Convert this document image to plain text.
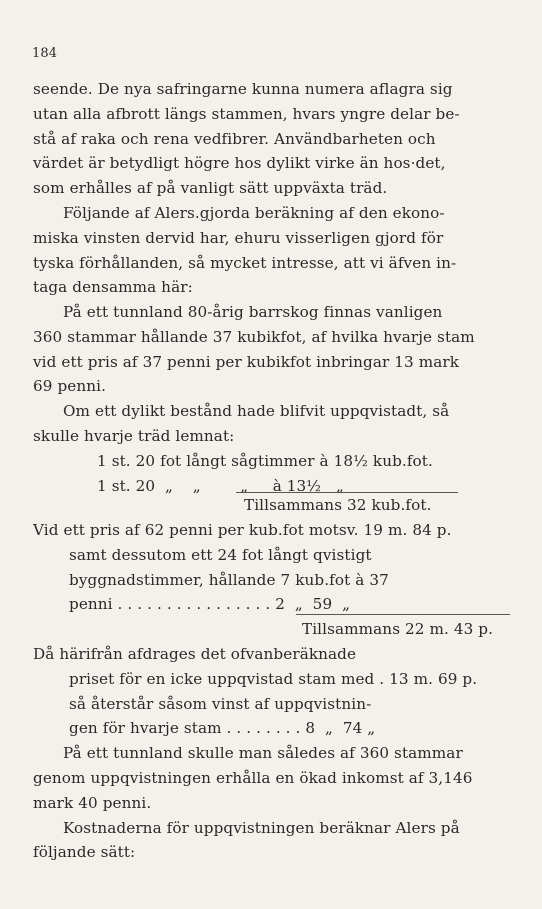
184
seende. De nya safringarne kunna numera aflagra sig
utan alla afbrott längs stammen, hvars yngre delar be-
stå af raka och rena vedfibrer. Användbarheten och
värdet är betydligt högre hos dylikt virke än hos·det,
som erhålles af på vanligt sätt uppväxta träd.
Följande af Alers.gjorda beräkning af den ekono-
miska vinsten dervid har, ehuru visserligen gjord för
tyska förhållanden, så mycket intresse, att vi äfven in-
taga densamma här:
På ett tunnland 80-årig barrskog finnas vanligen
360 stammar hållande 37 kubikfot, af hvilka hvarje stam
vid ett pris af 37 penni per kubikfot inbringar 13 mark
69 penni.
Om ett dylikt bestånd hade blifvit uppqvistadt, så
skulle hvarje träd lemnat:
1 st. 20 fot långt sågtimmer à 18½ kub.fot.
1 st. 20  „    „        „     à 13½   „
Tillsammans 32 kub.fot.
Vid ett pris af 62 penni per kub.fot motsv. 19 m. 84 p.
samt dessutom ett 24 fot långt qvistigt
byggnadstimmer, hållande 7 kub.fot à 37
penni . . . . . . . . . . . . . . . . 2  „  59  „
Tillsammans 22 m. 43 p.
Då härifrån afdrages det ofvanberäknade
priset för en icke uppqvistad stam med . 13 m. 69 p.
så återstår såsom vinst af uppqvistnin-
gen för hvarje stam . . . . . . . . 8  „  74 „
På ett tunnland skulle man således af 360 stammar
genom uppqvistningen erhålla en ökad inkomst af 3,146
mark 40 penni.
Kostnaderna för uppqvistningen beräknar Alers på
följande sätt:
